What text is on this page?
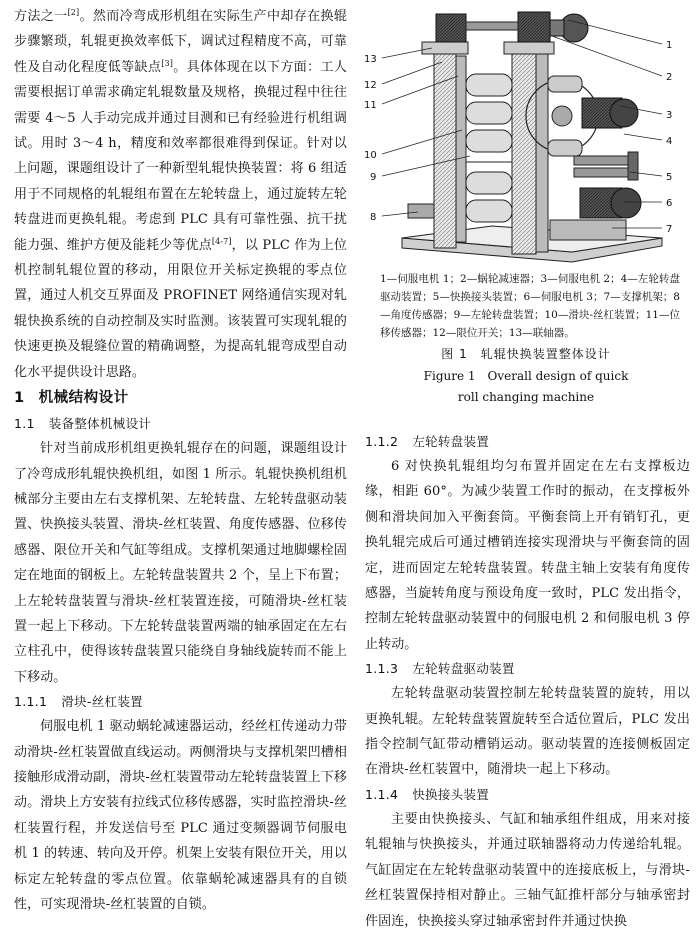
方法之一[2]。然而冷弯成形机组在实际生产中却存在换辊步骤繁琐，轧辊更换效率低下，调试过程精度不高，可靠性及自动化程度低等缺点[3]。具体体现在以下方面：工人需要根据订单需求确定轧辊数量及规格，换辊过程中往往需要 4～5 人手动完成并通过目测和已有经验进行机组调试。用时 3～4 h，精度和效率都很难得到保证。针对以上问题，课题组设计了一种新型轧辊快换装置：将 6 组适用于不同规格的轧辊组布置在左轮转盘上，通过旋转左轮转盘进而更换轧辊。考虑到 PLC 具有可靠性强、抗干扰能力强、维护方便及能耗少等优点[4-7]，以 PLC 作为上位机控制轧辊位置的移动，用限位开关标定换辊的零点位置，通过人机交互界面及 PROFINET 网络通信实现对轧辊快换系统的自动控制及实时监测。该装置可实现轧辊的快速更换及辊缝位置的精确调整，为提高轧辊弯成型自动化水平提供设计思路。

1 机械结构设计
1.1 装备整体机械设计

针对当前成形机组更换轧辊存在的问题，课题组设计了冷弯成形轧辊快换机组，如图 1 所示。轧辊快换机组机械部分主要由左右支撑机架、左轮转盘、左轮转盘驱动装置、快换接头装置、滑块-丝杠装置、角度传感器、位移传感器、限位开关和气缸等组成。支撑机架通过地脚螺栓固定在地面的钢板上。左轮转盘装置共 2 个，呈上下布置；上左轮转盘装置与滑块-丝杠装置连接，可随滑块-丝杠装置一起上下移动。下左轮转盘装置两端的轴承固定在左右立柱孔中，使得该转盘装置只能绕自身轴线旋转而不能上下移动。

1.1.1 滑块-丝杠装置

伺服电机 1 驱动蜗轮减速器运动，经丝杠传递动力带动滑块-丝杠装置做直线运动。两侧滑块与支撑机架凹槽相接触形成滑动副，滑块-丝杠装置带动左轮转盘装置上下移动。滑块上方安装有拉线式位移传感器，实时监控滑块-丝杠装置行程，并发送信号至 PLC 通过变频器调节伺服电机 1 的转速、转向及开停。机架上安装有限位开关，用以标定左轮转盘的零点位置。依靠蜗轮减速器具有的自锁性，可实现滑块-丝杠装置的自锁。

1
2
3
4
5
6
7
8
9
10
11
12
13
1—伺服电机 1；2—蜗轮减速器；3—伺服电机 2；4—左轮转盘驱动装置；5—快换接头装置；6—伺服电机 3；7—支撑机架；8—角度传感器；9—左轮转盘装置；10—滑块-丝杠装置；11—位移传感器；12—限位开关；13—联轴器。
图 1　轧辊快换装置整体设计
Figure 1　Overall design of quick
roll changing machine
1.1.2 左轮转盘装置

6 对快换轧辊组均匀布置并固定在左右支撑板边缘，相距 60°。为减少装置工作时的振动，在支撑板外侧和滑块间加入平衡套筒。平衡套筒上开有销钉孔，更换轧辊完成后可通过槽销连接实现滑块与平衡套筒的固定，进而固定左轮转盘装置。转盘主轴上安装有角度传感器，当旋转角度与预设角度一致时，PLC 发出指令，控制左轮转盘驱动装置中的伺服电机 2 和伺服电机 3 停止转动。

1.1.3 左轮转盘驱动装置

左轮转盘驱动装置控制左轮转盘装置的旋转，用以更换轧辊。左轮转盘装置旋转至合适位置后，PLC 发出指令控制气缸带动槽销运动。驱动装置的连接侧板固定在滑块-丝杠装置中，随滑块一起上下移动。

1.1.4 快换接头装置

主要由快换接头、气缸和轴承组件组成，用来对接轧辊轴与快换接头，并通过联轴器将动力传递给轧辊。气缸固定在左轮转盘驱动装置中的连接底板上，与滑块-丝杠装置保持相对静止。三轴气缸推杆部分与轴承密封件固连，快换接头穿过轴承密封件并通过快换
